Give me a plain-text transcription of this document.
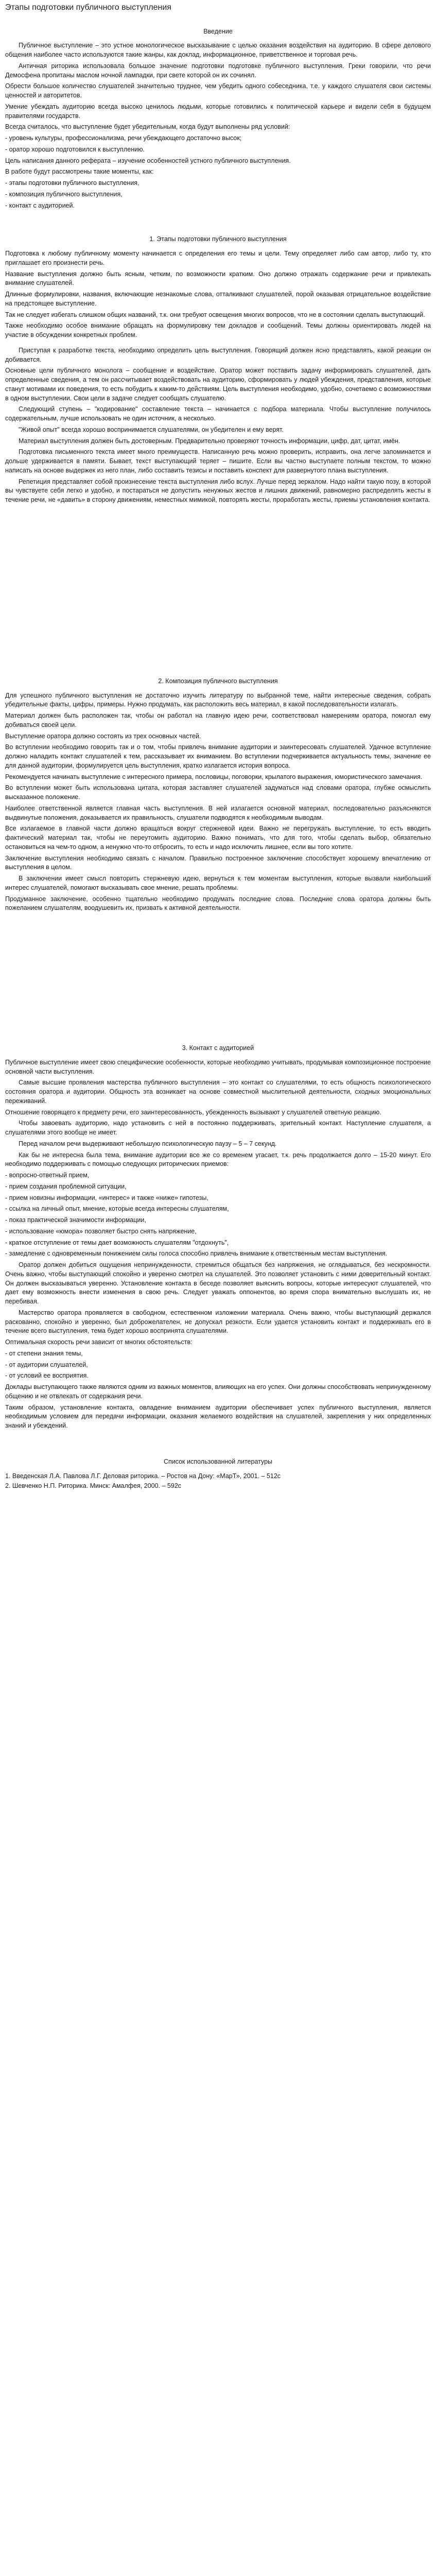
Этапы подготовки публичного выступления
Введение

Публичное выступление – это устное монологическое высказывание с целью оказания воздействия на аудиторию. В сфере делового общения наиболее часто используются такие жанры, как доклад, информационное, приветственное и торговая речь.

Античная риторика использовала большое значение подготовки подготовке публичного выступления. Греки говорили, что речи Демосфена пропитаны маслом ночной лампадки, при свете которой он их сочинял.

Обрести большое количество слушателей значительно труднее, чем убедить одного собеседника, т.е. у каждого слушателя свои системы ценностей и авторитетов.

Умение убеждать аудиторию всегда высоко ценилось людьми, которые готовились к политической карьере и видели себя в будущем правителями государств.

Всегда считалось, что выступление будет убедительным, когда будут выполнены ряд условий:

- уровень культуры, профессионализма, речи убеждающего достаточно высок;

- оратор хорошо подготовился к выступлению.

Цель написания данного реферата – изучение особенностей устного публичного выступления.

В работе будут рассмотрены такие моменты, как:

- этапы подготовки публичного выступления,

- композиция публичного выступления,

- контакт с аудиторией.

1. Этапы подготовки публичного выступления

Подготовка к любому публичному моменту начинается с определения его темы и цели. Тему определяет либо сам автор, либо ту, кто приглашает его произнести речь.

Название выступления должно быть ясным, четким, по возможности кратким. Оно должно отражать содержание речи и привлекать внимание слушателей.

Длинные формулировки, названия, включающие незнакомые слова, отталкивают слушателей, порой оказывая отрицательное воздействие на предстоящее выступление.

Так не следует избегать слишком общих названий, т.к. они требуют освещения многих вопросов, что не в состоянии сделать выступающий.

Также необходимо особое внимание обращать на формулировку тем докладов и сообщений. Темы должны ориентировать людей на участие в обсуждении конкретных проблем.

Приступая к разработке текста, необходимо определить цель выступления. Говорящий должен ясно представлять, какой реакции он добивается.

Основные цели публичного монолога – сообщение и воздействие. Оратор может поставить задачу информировать слушателей, дать определенные сведения, а тем он рассчитывает воздействовать на аудиторию, сформировать у людей убеждения, представления, которые станут мотивами их поведения, то есть побудить к каким-то действиям. Цель выступления необходимо, удобно, сочетаемо с возможностями в одном выступлении. Свои цели в задаче следует сообщать слушателю.

Следующий ступень – "кодирование" составление текста – начинается с подбора материала. Чтобы выступление получилось содержательным, лучше использовать не один источник, а несколько.

"Живой опыт" всегда хорошо воспринимается слушателями, он убедителен и ему верят.

Материал выступления должен быть достоверным. Предварительно проверяют точность информации, цифр, дат, цитат, имён.

Подготовка письменного текста имеет много преимуществ. Написанную речь можно проверить, исправить, она легче запоминается и дольше удерживается в памяти. Бывает, текст выступающий теряет – пишите. Если вы частно выступаете полным текстом, то можно написать на основе выдержек из него план, либо составить тезисы и поставить конспект для развернутого плана выступления.

Репетиция представляет собой произнесение текста выступления либо вслух. Лучше перед зеркалом. Надо найти такую позу, в которой вы чувствуете себя легко и удобно, и постараться не допустить ненужных жестов и лишних движений, равномерно распределять жесты в течение речи, не «давить» в сторону движениям, неместных мимикой, повторять жесты, проработать жесты, приемы установления контакта.

2. Композиция публичного выступления

Для успешного публичного выступления не достаточно изучить литературу по выбранной теме, найти интересные сведения, собрать убедительные факты, цифры, примеры. Нужно продумать, как расположить весь материал, в какой последовательности излагать.

Материал должен быть расположен так, чтобы он работал на главную идею речи, соответствовал намерениям оратора, помогал ему добиваться своей цели.

Выступление оратора должно состоять из трех основных частей.

Во вступлении необходимо говорить так и о том, чтобы привлечь внимание аудитории и заинтересовать слушателей. Удачное вступление должно наладить контакт слушателей к тем, рассказывает их вниманием. Во вступлении подчеркивается актуальность темы, значение ее для данной аудитории, формулируется цель выступления, кратко излагается история вопроса.

Рекомендуется начинать выступление с интересного примера, пословицы, поговорки, крылатого выражения, юмористического замечания.

Во вступлении может быть использована цитата, которая заставляет слушателей задуматься над словами оратора, глубже осмыслить высказанное положение.

Наиболее ответственной является главная часть выступления. В ней излагается основной материал, последовательно разъясняются выдвинутые положения, доказывается их правильность, слушатели подводятся к необходимым выводам.

Все излагаемое в главной части должно вращаться вокруг стержневой идеи. Важно не перегружать выступление, то есть вводить фактический материал так, чтобы не переутомить аудиторию. Важно понимать, что для того, чтобы сделать выбор, обязательно остановиться на чем-то одном, а ненужно что-то отбросить, то есть и надо исключить лишнее, если вы того хотите.

Заключение выступления необходимо связать с началом. Правильно построенное заключение способствует хорошему впечатлению от выступления в целом.

В заключении имеет смысл повторить стержневую идею, вернуться к тем моментам выступления, которые вызвали наибольший интерес слушателей, помогают высказывать свое мнение, решать проблемы.

Продуманное заключение, особенно тщательно необходимо продумать последние слова. Последние слова оратора должны быть пожеланием слушателям, воодушевить их, призвать к активной деятельности.

3. Контакт с аудиторией

Публичное выступление имеет свою специфические особенности, которые необходимо учитывать, продумывая композиционное построение основной части выступления.

Самые высшие проявления мастерства публичного выступления – это контакт со слушателями, то есть общность психологического состояния оратора и аудитории. Общность эта возникает на основе совместной мыслительной деятельности, сходных эмоциональных переживаний.

Отношение говорящего к предмету речи, его заинтересованность, убежденность вызывают у слушателей ответную реакцию.

Чтобы завоевать аудиторию, надо установить с ней в постоянно поддерживать, зрительный контакт. Наступление слушателя, а слушателями этого вообще не имеет.

Перед началом речи выдерживают небольшую психологическую паузу – 5 – 7 секунд.

Как бы не интересна была тема, внимание аудитории все же со временем угасает, т.к. речь продолжается долго – 15-20 минут. Его необходимо поддерживать с помощью следующих риторических приемов:

- вопросно-ответный прием,

- прием создания проблемной ситуации,

- прием новизны информации, «интерес» и также «ниже» гипотезы,

- ссылка на личный опыт, мнение, которые всегда интересны слушателям,

- показ практической значимости информации,

- использование «юмора» позволяет быстро снять напряжение,

- краткое отступление от темы дает возможность слушателям "отдохнуть",

- замедление с одновременным понижением силы голоса способно привлечь внимание к ответственным местам выступления.

Оратор должен добиться ощущения непринужденности, стремиться общаться без напряжения, не оглядываться, без нескромности. Очень важно, чтобы выступающий спокойно и уверенно смотрел на слушателей. Это позволяет установить с ними доверительный контакт. Он должен высказываться уверенно. Установление контакта в беседе позволяет выяснить вопросы, которые интересуют слушателей, что дает ему возможность внести изменения в свою речь. Следует уважать оппонентов, во время спора внимательно выслушать их, не перебивая.

Мастерство оратора проявляется в свободном, естественном изложении материала. Очень важно, чтобы выступающий держался раскованно, спокойно и уверенно, был доброжелателен, не допускал резкости. Если удается установить контакт и поддерживать его в течение всего выступления, тема будет хорошо воспринята слушателями.

Оптимальная скорость речи зависит от многих обстоятельств:

- от степени знания темы,

- от аудитории слушателей,

- от условий ее восприятия.

Доклады выступающего также являются одним из важных моментов, влияющих на его успех. Они должны способствовать непринужденному общению и не отвлекать от содержания речи.

Таким образом, установление контакта, овладение вниманием аудитории обеспечивает успех публичного выступления, является необходимым условием для передачи информации, оказания желаемого воздействия на слушателей, закрепления у них определенных знаний и убеждений.

Список использованной литературы
1. Введенская Л.А. Павлова Л.Г. Деловая риторика. – Ростов на Дону: «МарТ», 2001. – 512с
2. Шевченко Н.П. Риторика. Минск: Амалфея, 2000. – 592с
